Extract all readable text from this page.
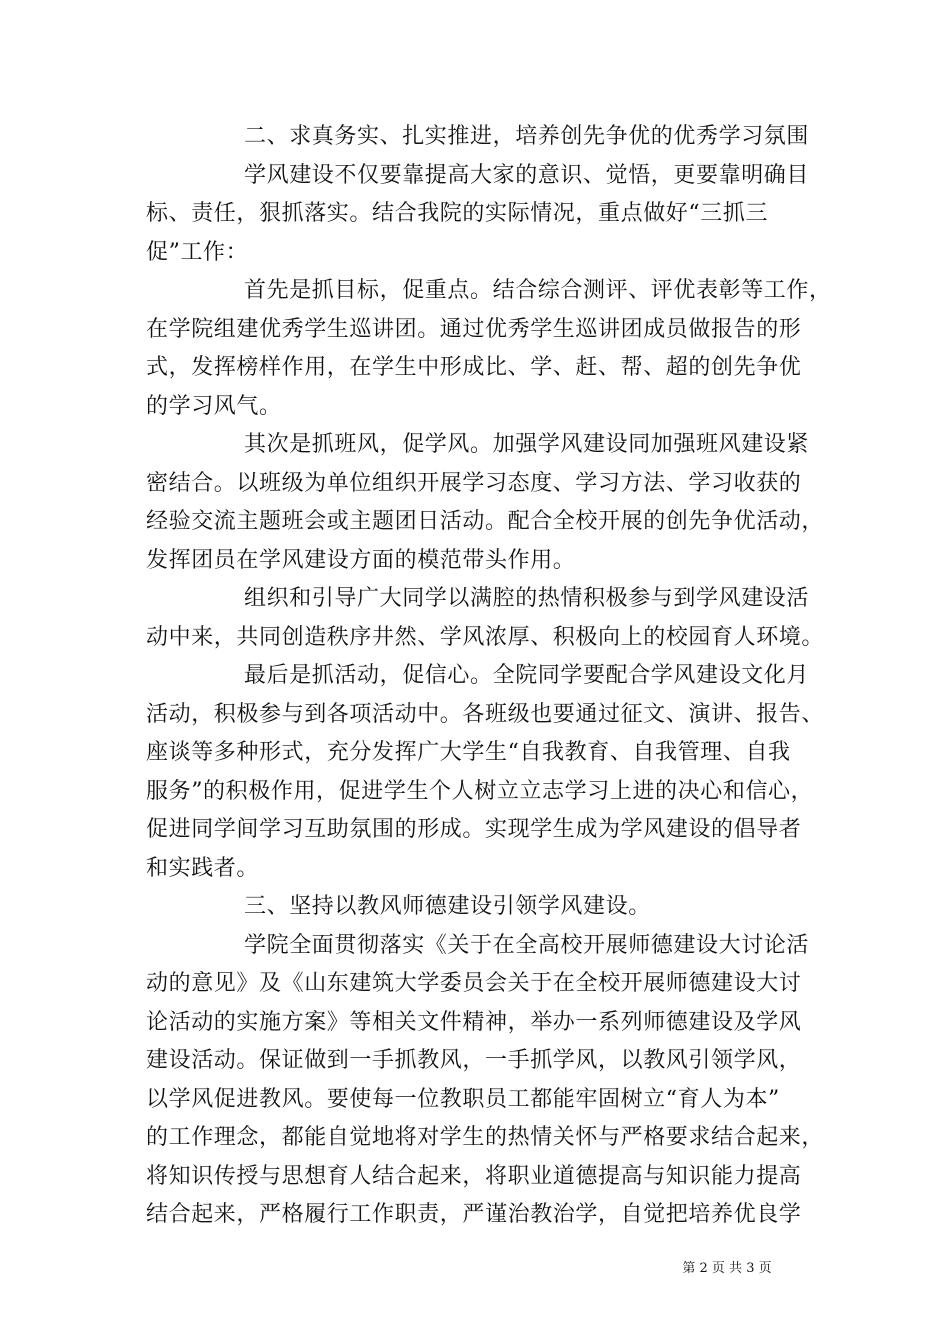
二、求真务实、扎实推进，培养创先争优的优秀学习氛围
学风建设不仅要靠提高大家的意识、觉悟，更要靠明确目
标、责任，狠抓落实。结合我院的实际情况，重点做好“三抓三
促”工作：
首先是抓目标，促重点。结合综合测评、评优表彰等工作，
在学院组建优秀学生巡讲团。通过优秀学生巡讲团成员做报告的形
式，发挥榜样作用，在学生中形成比、学、赶、帮、超的创先争优
的学习风气。
其次是抓班风，促学风。加强学风建设同加强班风建设紧
密结合。以班级为单位组织开展学习态度、学习方法、学习收获的
经验交流主题班会或主题团日活动。配合全校开展的创先争优活动，
发挥团员在学风建设方面的模范带头作用。
组织和引导广大同学以满腔的热情积极参与到学风建设活
动中来，共同创造秩序井然、学风浓厚、积极向上的校园育人环境。
最后是抓活动，促信心。全院同学要配合学风建设文化月
活动，积极参与到各项活动中。各班级也要通过征文、演讲、报告、
座谈等多种形式，充分发挥广大学生“自我教育、自我管理、自我
服务”的积极作用，促进学生个人树立立志学习上进的决心和信心，
促进同学间学习互助氛围的形成。实现学生成为学风建设的倡导者
和实践者。
三、坚持以教风师德建设引领学风建设。
学院全面贯彻落实《关于在全高校开展师德建设大讨论活
动的意见》及《山东建筑大学委员会关于在全校开展师德建设大讨
论活动的实施方案》等相关文件精神，举办一系列师德建设及学风
建设活动。保证做到一手抓教风，一手抓学风，以教风引领学风，
以学风促进教风。要使每一位教职员工都能牢固树立“育人为本”
的工作理念，都能自觉地将对学生的热情关怀与严格要求结合起来，
将知识传授与思想育人结合起来，将职业道德提高与知识能力提高
结合起来，严格履行工作职责，严谨治教治学，自觉把培养优良学
第 2 页 共 3 页
